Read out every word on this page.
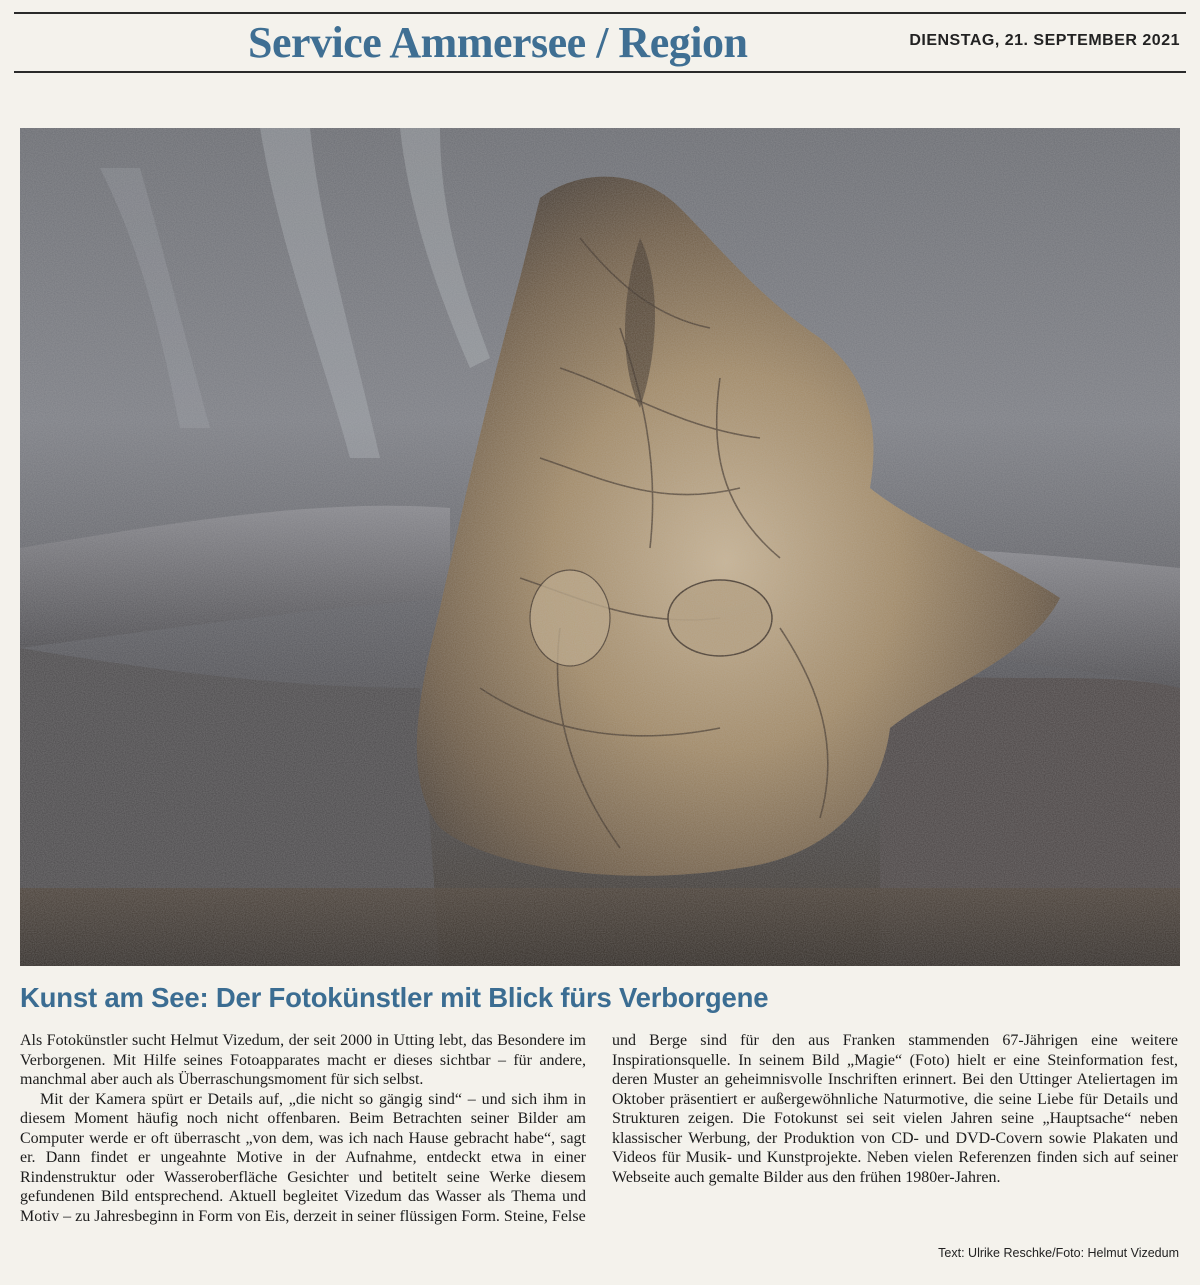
Service Ammersee / Region	DIENSTAG, 21. SEPTEMBER 2021
Kunst am See: Der Fotokünstler mit Blick fürs Verborgene

Als Fotokünstler sucht Helmut Vizedum, der seit 2000 in Utting lebt, das Besondere im Verborgenen. Mit Hilfe seines Fotoapparates macht er dieses sichtbar – für andere, manchmal aber auch als Überraschungsmoment für sich selbst.

Mit der Kamera spürt er Details auf, „die nicht so gängig sind“ – und sich ihm in diesem Moment häufig noch nicht offenbaren. Beim Betrachten seiner Bilder am Computer werde er oft überrascht „von dem, was ich nach Hause gebracht habe“, sagt er. Dann findet er ungeahnte Motive in der Aufnahme, entdeckt etwa in einer Rindenstruktur oder Wasseroberfläche Gesichter und betitelt seine Werke diesem gefundenen Bild entsprechend. Aktuell begleitet Vizedum das Wasser als Thema und Motiv – zu Jahresbeginn in Form von Eis, derzeit in seiner flüssigen Form. Steine, Felse

und Berge sind für den aus Franken stammenden 67-Jährigen eine weitere Inspirationsquelle. In seinem Bild „Magie“ (Foto) hielt er eine Steinformation fest, deren Muster an geheimnisvolle Inschriften erinnert. Bei den Uttinger Ateliertagen im Oktober präsentiert er außergewöhnliche Naturmotive, die seine Liebe für Details und Strukturen zeigen. Die Fotokunst sei seit vielen Jahren seine „Hauptsache“ neben klassischer Werbung, der Produktion von CD- und DVD-Covern sowie Plakaten und Videos für Musik- und Kunstprojekte. Neben vielen Referenzen finden sich auf seiner Webseite auch gemalte Bilder aus den frühen 1980er-Jahren.

Text: Ulrike Reschke/Foto: Helmut Vizedum
